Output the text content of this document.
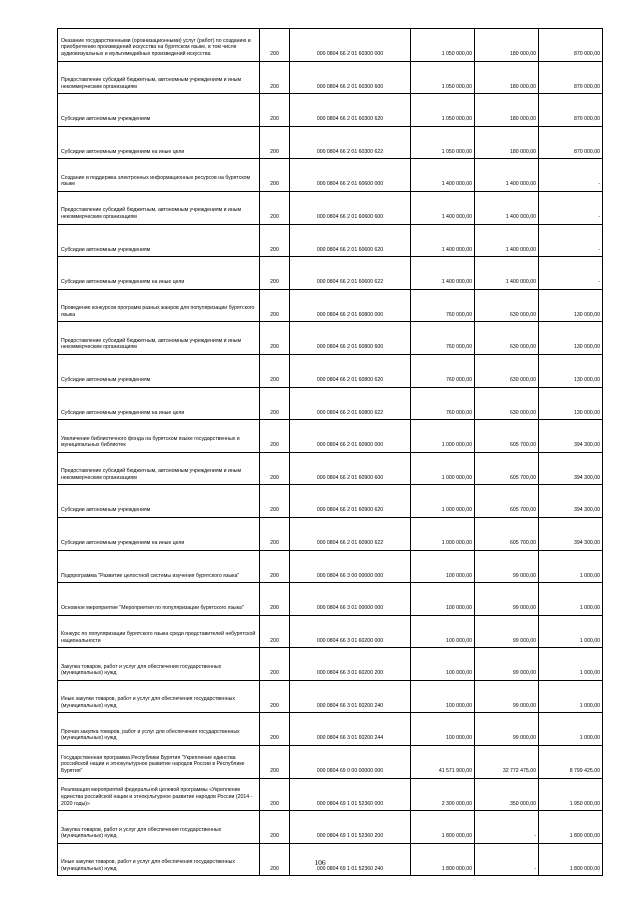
Оказание государственными (организационными) услуг (работ) по созданию и приобретению произведений искусства на бурятском языке, в том числе аудиовизуальных и мультимедийных произведений искусства	200	000 0804 66 2 01 60300 000	1 050 000,00	180 000,00	870 000,00
Предоставление субсидий бюджетным, автономным учреждениям и иным некоммерческим организациям	200	000 0804 66 2 01 60300 600	1 050 000,00	180 000,00	870 000,00
Субсидии автономным учреждениям	200	000 0804 66 2 01 60300 620	1 050 000,00	180 000,00	870 000,00
Субсидии автономным учреждениям на иные цели	200	000 0804 66 2 01 60300 622	1 050 000,00	180 000,00	870 000,00
Создание и поддержка электронных информационных ресурсов на бурятском языке	200	000 0804 66 2 01 60600 000	1 400 000,00	1 400 000,00	-
Предоставление субсидий бюджетным, автономным учреждениям и иным некоммерческим организациям	200	000 0804 66 2 01 60600 600	1 400 000,00	1 400 000,00	-
Субсидии автономным учреждениям	200	000 0804 66 2 01 60600 620	1 400 000,00	1 400 000,00	-
Субсидии автономным учреждениям на иные цели	200	000 0804 66 2 01 60600 622	1 400 000,00	1 400 000,00	-
Проведение конкурсов программ разных жанров для популяризации бурятского языка	200	000 0804 66 2 01 60800 000	760 000,00	630 000,00	130 000,00
Предоставление субсидий бюджетным, автономным учреждениям и иным некоммерческим организациям	200	000 0804 66 2 01 60800 600	760 000,00	630 000,00	130 000,00
Субсидии автономным учреждениям	200	000 0804 66 2 01 60800 620	760 000,00	630 000,00	130 000,00
Субсидии автономным учреждениям на иные цели	200	000 0804 66 2 01 60800 622	760 000,00	630 000,00	130 000,00
Увеличение библиотечного фонда на бурятском языке государственных и муниципальных библиотек	200	000 0804 66 2 01 60900 000	1 000 000,00	605 700,00	394 300,00
Предоставление субсидий бюджетным, автономным учреждениям и иным некоммерческим организациям	200	000 0804 66 2 01 60900 600	1 000 000,00	605 700,00	394 300,00
Субсидии автономным учреждениям	200	000 0804 66 2 01 60900 620	1 000 000,00	605 700,00	394 300,00
Субсидии автономным учреждениям на иные цели	200	000 0804 66 2 01 60900 622	1 000 000,00	605 700,00	394 300,00
Подпрограмма "Развитие целостной системы изучения бурятского языка"	200	000 0804 66 3 00 00000 000	100 000,00	99 000,00	1 000,00
Основное мероприятие "Мероприятия по популяризации бурятского языка"	200	000 0804 66 3 01 00000 000	100 000,00	99 000,00	1 000,00
Конкурс по популяризации бурятского языка среди представителей небурятской национальности	200	000 0804 66 3 01 60200 000	100 000,00	99 000,00	1 000,00
Закупка товаров, работ и услуг для обеспечения государственных (муниципальных) нужд	200	000 0804 66 3 01 60200 200	100 000,00	99 000,00	1 000,00
Иные закупки товаров, работ и услуг для обеспечения государственных (муниципальных) нужд	200	000 0804 66 3 01 60200 240	100 000,00	99 000,00	1 000,00
Прочая закупка товаров, работ и услуг для обеспечения государственных (муниципальных) нужд	200	000 0804 66 3 01 60200 244	100 000,00	99 000,00	1 000,00
Государственная программа Республики Бурятия "Укрепление единства российской нации и этнокультурное развитие народов России в Республике Бурятия"	200	000 0804 69 0 00 00000 000	41 571 900,00	32 772 475,00	8 799 425,00
Реализация мероприятий федеральной целевой программы «Укрепление единства российской нации и этнокультурное развитие народов России (2014 - 2020 годы)»	200	000 0804 69 1 01 52360 000	2 300 000,00	350 000,00	1 950 000,00
Закупка товаров, работ и услуг для обеспечения государственных (муниципальных) нужд	200	000 0804 69 1 01 52360 200	1 800 000,00	-	1 800 000,00
Иные закупки товаров, работ и услуг для обеспечения государственных (муниципальных) нужд	200	000 0804 69 1 01 52360 240	1 800 000,00	-	1 800 000,00
106
